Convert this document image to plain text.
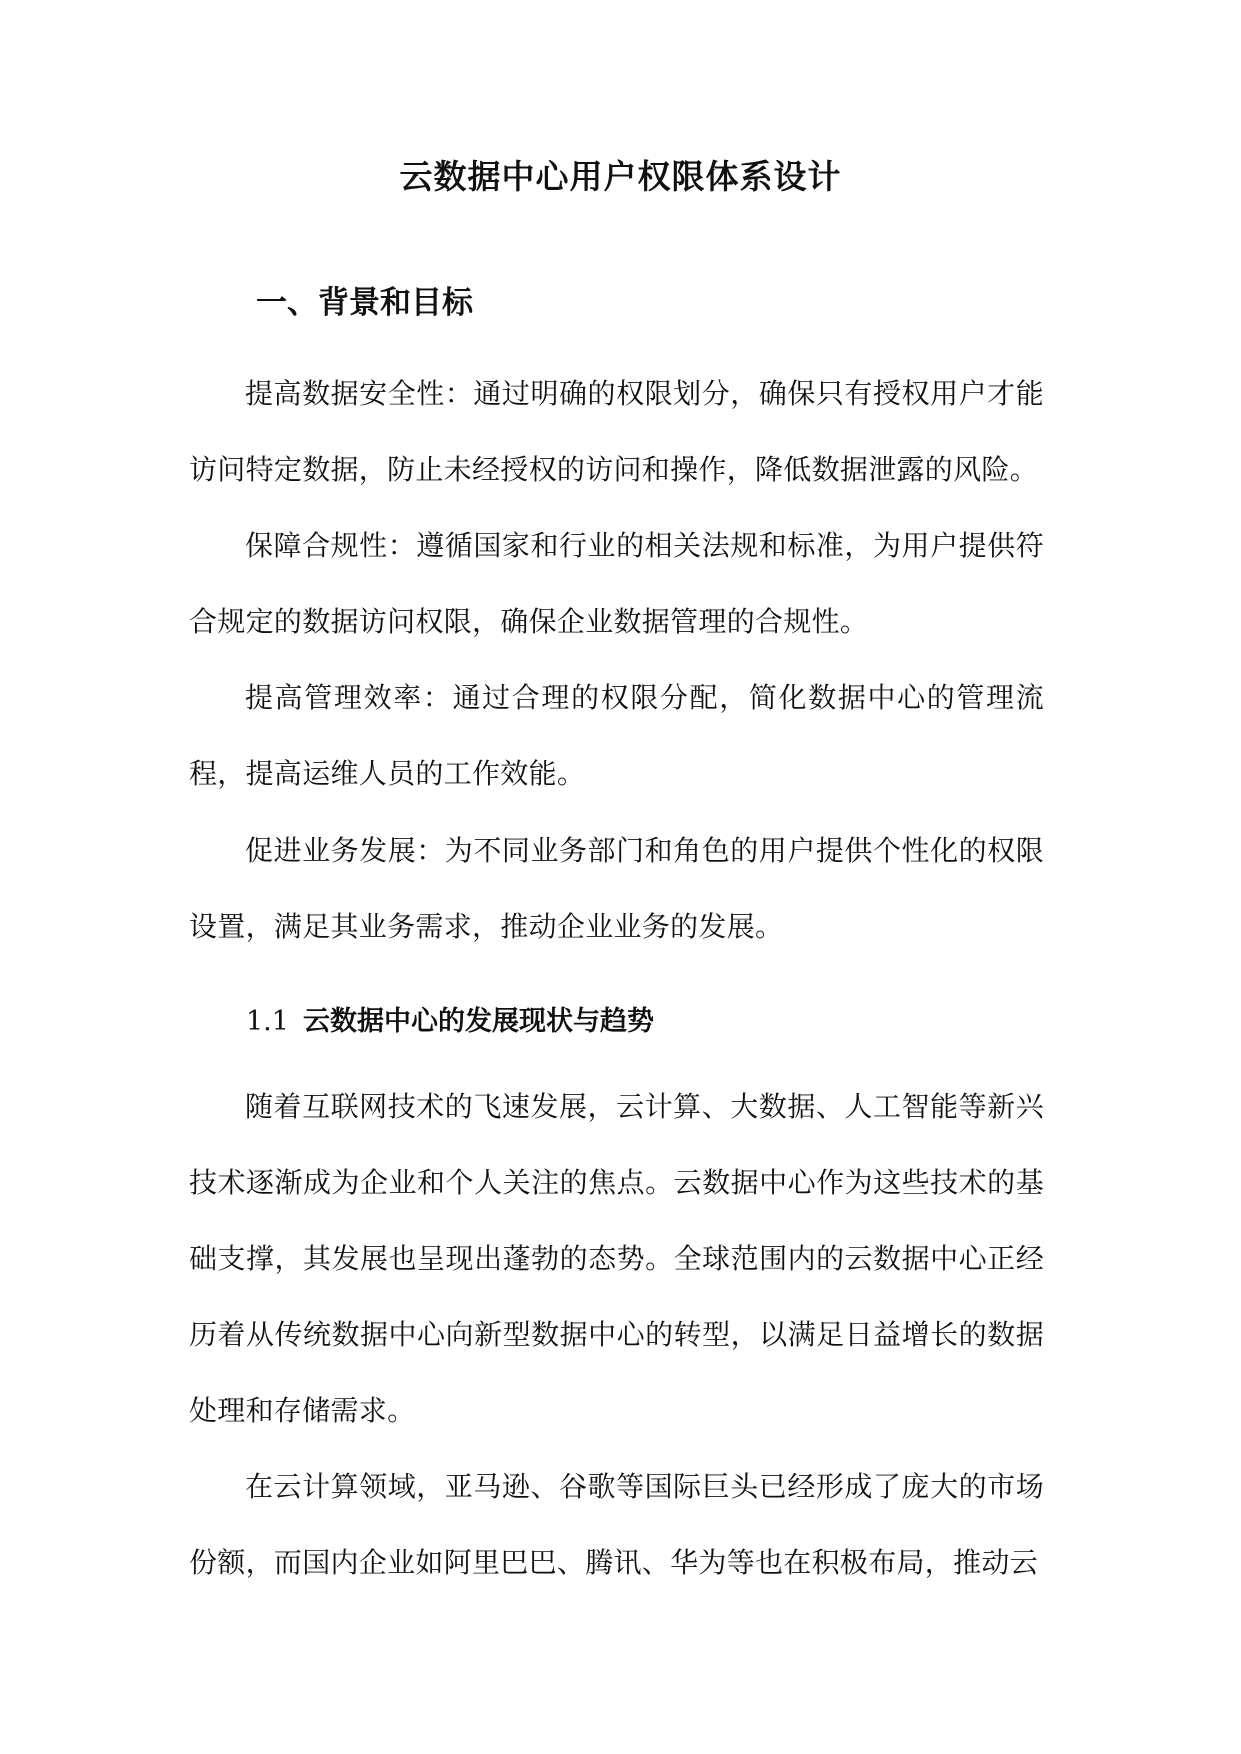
云数据中心用户权限体系设计
一、背景和目标

提高数据安全性：通过明确的权限划分，确保只有授权用户才能访问特定数据，防止未经授权的访问和操作，降低数据泄露的风险。

保障合规性：遵循国家和行业的相关法规和标准，为用户提供符合规定的数据访问权限，确保企业数据管理的合规性。

提高管理效率：通过合理的权限分配，简化数据中心的管理流程，提高运维人员的工作效能。

促进业务发展：为不同业务部门和角色的用户提供个性化的权限设置，满足其业务需求，推动企业业务的发展。

1.1 云数据中心的发展现状与趋势

随着互联网技术的飞速发展，云计算、大数据、人工智能等新兴技术逐渐成为企业和个人关注的焦点。云数据中心作为这些技术的基础支撑，其发展也呈现出蓬勃的态势。全球范围内的云数据中心正经历着从传统数据中心向新型数据中心的转型，以满足日益增长的数据处理和存储需求。

在云计算领域，亚马逊、谷歌等国际巨头已经形成了庞大的市场份额，而国内企业如阿里巴巴、腾讯、华为等也在积极布局，推动云
